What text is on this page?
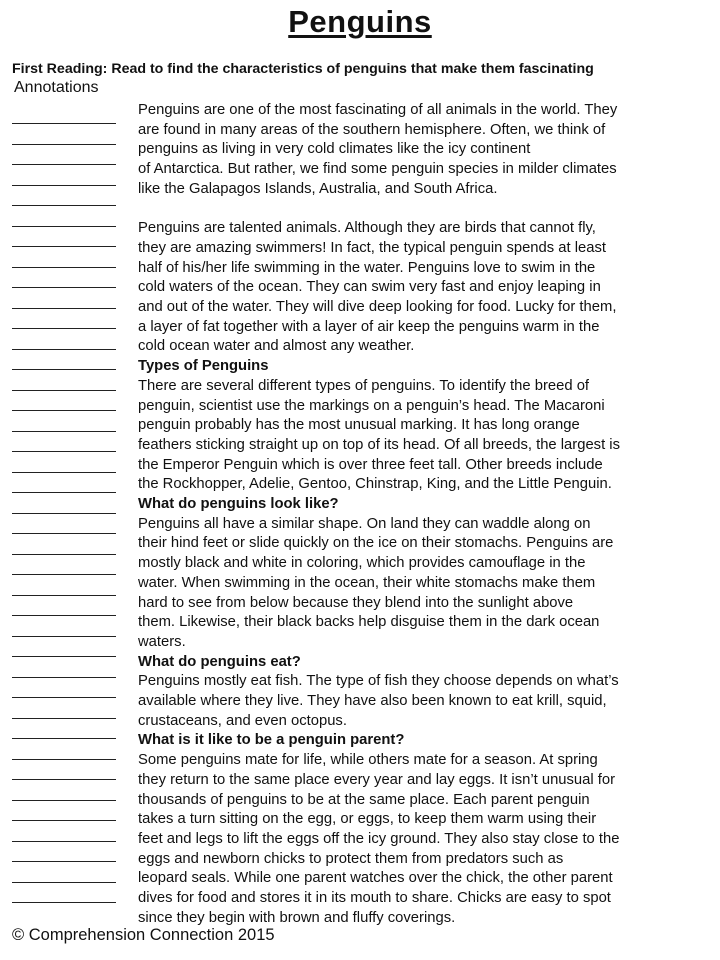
Penguins
First Reading: Read to find the characteristics of penguins that make them fascinating
Annotations
Penguins are one of the most fascinating of all animals in the world. They
are found in many areas of the southern hemisphere. Often, we think of
penguins as living in very cold climates like the icy continent
of Antarctica. But rather, we find some penguin species in milder climates
like the Galapagos Islands, Australia, and South Africa.
Penguins are talented animals. Although they are birds that cannot fly,
they are amazing swimmers! In fact, the typical penguin spends at least
half of his/her life swimming in the water. Penguins love to swim in the
cold waters of the ocean. They can swim very fast and enjoy leaping in
and out of the water. They will dive deep looking for food. Lucky for them,
a layer of fat together with a layer of air keep the penguins warm in the
cold ocean water and almost any weather.
Types of Penguins
There are several different types of penguins. To identify the breed of
penguin, scientist use the markings on a penguin’s head. The Macaroni
penguin probably has the most unusual marking. It has long orange
feathers sticking straight up on top of its head. Of all breeds, the largest is
the Emperor Penguin which is over three feet tall. Other breeds include
the Rockhopper, Adelie, Gentoo, Chinstrap, King, and the Little Penguin.
What do penguins look like?
Penguins all have a similar shape. On land they can waddle along on
their hind feet or slide quickly on the ice on their stomachs. Penguins are
mostly black and white in coloring, which provides camouflage in the
water. When swimming in the ocean, their white stomachs make them
hard to see from below because they blend into the sunlight above
them. Likewise, their black backs help disguise them in the dark ocean
waters.
What do penguins eat?
Penguins mostly eat fish. The type of fish they choose depends on what’s
available where they live. They have also been known to eat krill, squid,
crustaceans, and even octopus.
What is it like to be a penguin parent?
Some penguins mate for life, while others mate for a season. At spring
they return to the same place every year and lay eggs. It isn’t unusual for
thousands of penguins to be at the same place. Each parent penguin
takes a turn sitting on the egg, or eggs, to keep them warm using their
feet and legs to lift the eggs off the icy ground. They also stay close to the
eggs and newborn chicks to protect them from predators such as
leopard seals. While one parent watches over the chick, the other parent
dives for food and stores it in its mouth to share. Chicks are easy to spot
since they begin with brown and fluffy coverings.
© Comprehension Connection 2015
